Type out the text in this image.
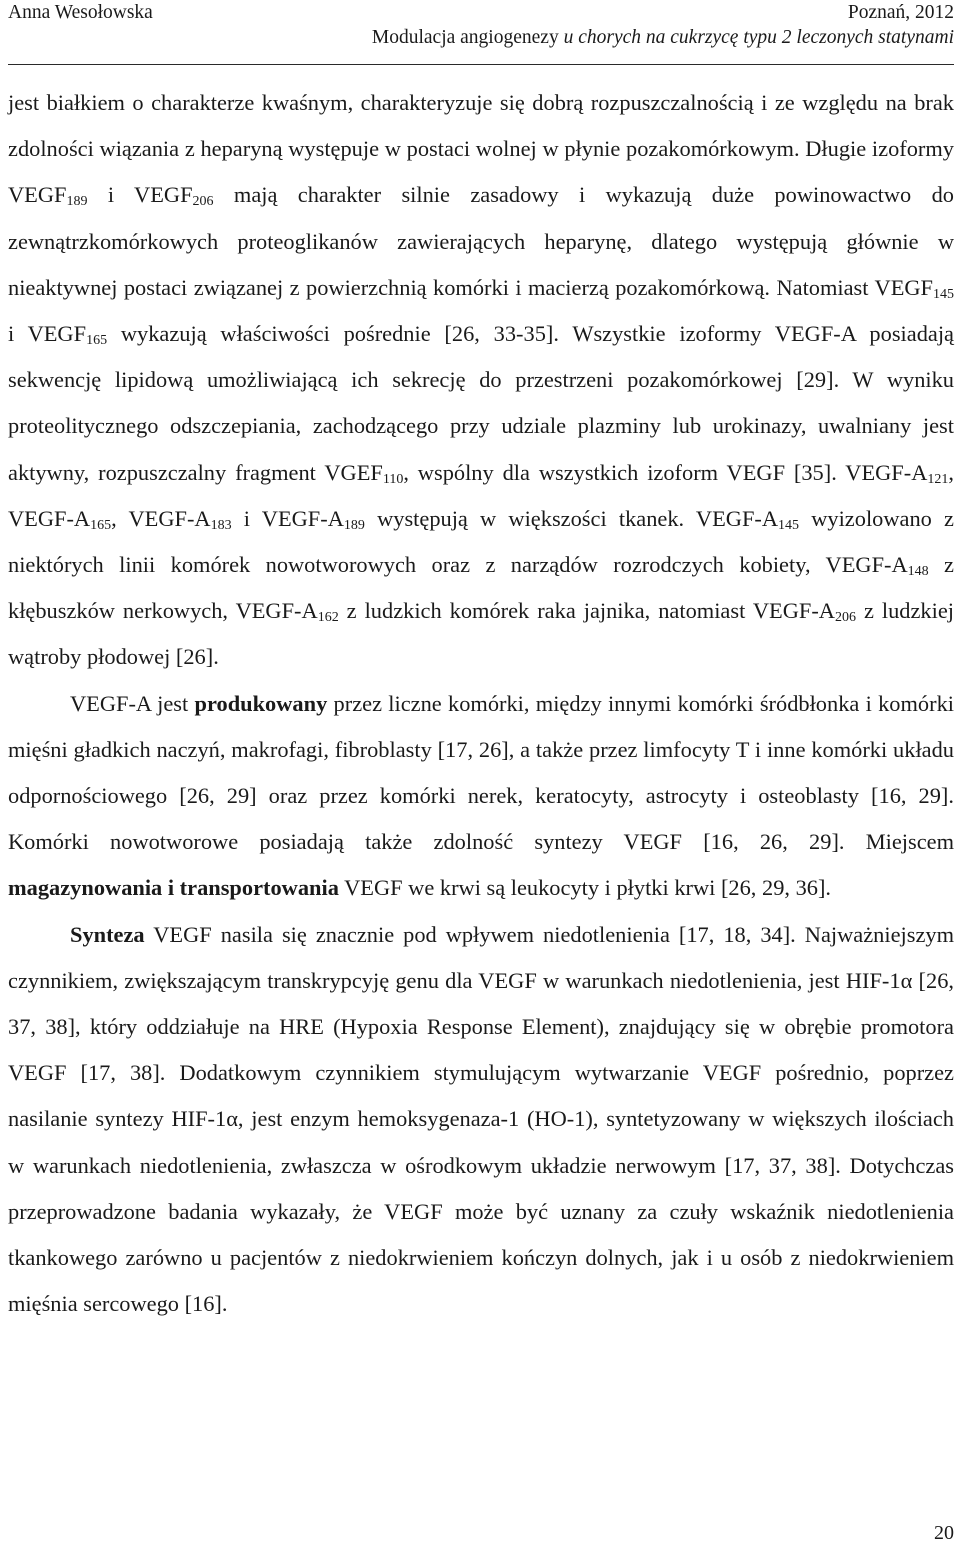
Anna Wesołowska	Poznań, 2012
Modulacja angiogenezy u chorych na cukrzycę typu 2 leczonych statynami

jest białkiem o charakterze kwaśnym, charakteryzuje się dobrą rozpuszczalnością i ze względu na brak zdolności wiązania z heparyną występuje w postaci wolnej w płynie pozakomórkowym. Długie izoformy $VEGF_{189}$ i $VEGF_{206}$ mają charakter silnie zasadowy i wykazują duże powinowactwo do zewnątrzkomórkowych proteoglikanów zawierających heparynę, dlatego występują głównie w nieaktywnej postaci związanej z powierzchnią komórki i macierzą pozakomórkową. Natomiast $VEGF_{145}$ i $VEGF_{165}$ wykazują właściwości pośrednie [26, 33-35]. Wszystkie izoformy VEGF-A posiadają sekwencję lipidową umożliwiającą ich sekrecję do przestrzeni pozakomórkowej [29]. W wyniku proteolitycznego odszczepiania, zachodzącego przy udziale plazminy lub urokinazy, uwalniany jest aktywny, rozpuszczalny fragment $VGEF_{110}$, wspólny dla wszystkich izoform VEGF [35]. VEGF-$A_{121}$, VEGF-$A_{165}$, VEGF-$A_{183}$ i VEGF-$A_{189}$ występują w większości tkanek. VEGF-$A_{145}$ wyizolowano z niektórych linii komórek nowotworowych oraz z narządów rozrodczych kobiety, VEGF-$A_{148}$ z kłębuszków nerkowych, VEGF-$A_{162}$ z ludzkich komórek raka jajnika, natomiast VEGF-$A_{206}$ z ludzkiej wątroby płodowej [26].

VEGF-A jest produkowany przez liczne komórki, między innymi komórki śródbłonka i komórki mięśni gładkich naczyń, makrofagi, fibroblasty [17, 26], a także przez limfocyty T i inne komórki układu odpornościowego [26, 29] oraz przez komórki nerek, keratocyty, astrocyty i osteoblasty [16, 29]. Komórki nowotworowe posiadają także zdolność syntezy VEGF [16, 26, 29]. Miejscem magazynowania i transportowania VEGF we krwi są leukocyty i płytki krwi [26, 29, 36].

Synteza VEGF nasila się znacznie pod wpływem niedotlenienia [17, 18, 34]. Najważniejszym czynnikiem, zwiększającym transkrypcyję genu dla VEGF w warunkach niedotlenienia, jest HIF-1α [26, 37, 38], który oddziałuje na HRE (Hypoxia Response Element), znajdujący się w obrębie promotora VEGF [17, 38]. Dodatkowym czynnikiem stymulującym wytwarzanie VEGF pośrednio, poprzez nasilanie syntezy HIF-1α, jest enzym hemoksygenaza-1 (HO-1), syntetyzowany w większych ilościach w warunkach niedotlenienia, zwłaszcza w ośrodkowym układzie nerwowym [17, 37, 38]. Dotychczas przeprowadzone badania wykazały, że VEGF może być uznany za czuły wskaźnik niedotlenienia tkankowego zarówno u pacjentów z niedokrwieniem kończyn dolnych, jak i u osób z niedokrwieniem mięśnia sercowego [16].

20
